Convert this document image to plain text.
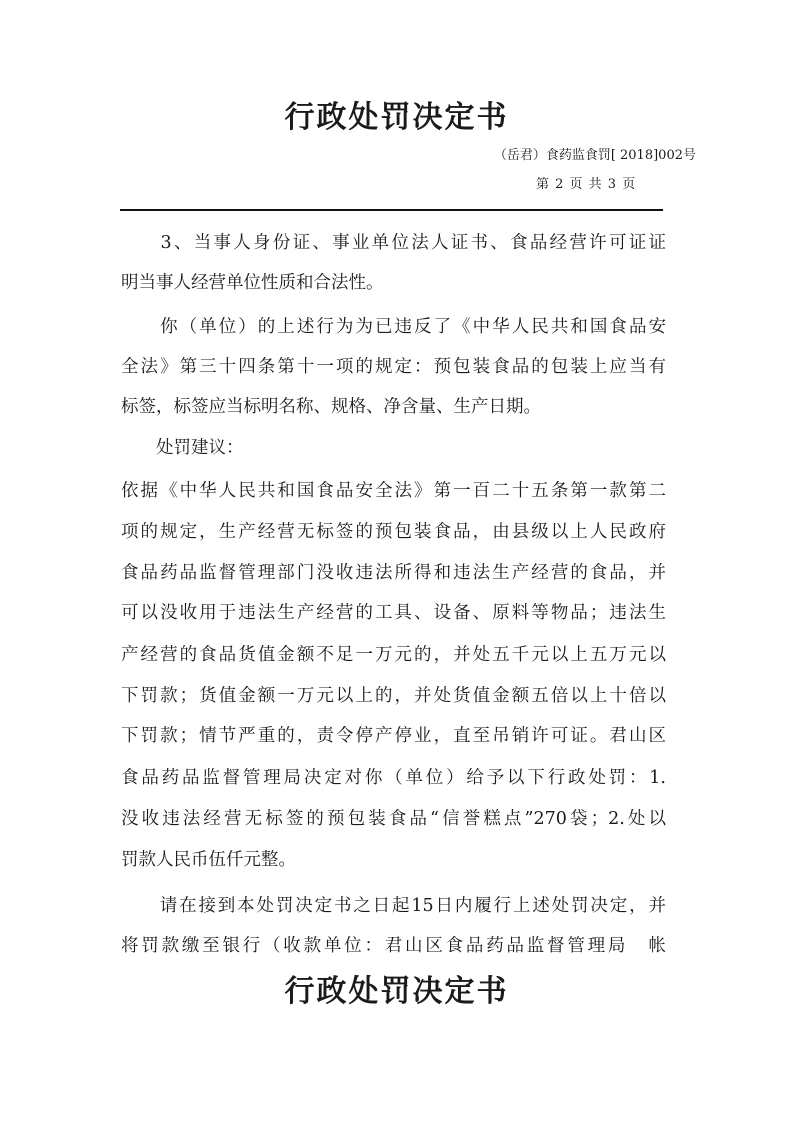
行政处罚决定书
（岳君）食药监食罚[ 2018]002号
第 2 页 共 3 页
　　3、当事人身份证、事业单位法人证书、食品经营许可证证
明当事人经营单位性质和合法性。
　　你（单位）的上述行为为已违反了《中华人民共和国食品安
全法》第三十四条第十一项的规定：预包装食品的包装上应当有
标签，标签应当标明名称、规格、净含量、生产日期。
　　处罚建议：
依据《中华人民共和国食品安全法》第一百二十五条第一款第二
项的规定，生产经营无标签的预包装食品，由县级以上人民政府
食品药品监督管理部门没收违法所得和违法生产经营的食品，并
可以没收用于违法生产经营的工具、设备、原料等物品；违法生
产经营的食品货值金额不足一万元的，并处五千元以上五万元以
下罚款；货值金额一万元以上的，并处货值金额五倍以上十倍以
下罚款；情节严重的，责令停产停业，直至吊销许可证。君山区
食品药品监督管理局决定对你（单位）给予以下行政处罚：1.
没收违法经营无标签的预包装食品“信誉糕点”270袋；2.处以
罚款人民币伍仟元整。
　　请在接到本处罚决定书之日起15日内履行上述处罚决定，并
将罚款缴至银行（收款单位：君山区食品药品监督管理局　帐
行政处罚决定书
